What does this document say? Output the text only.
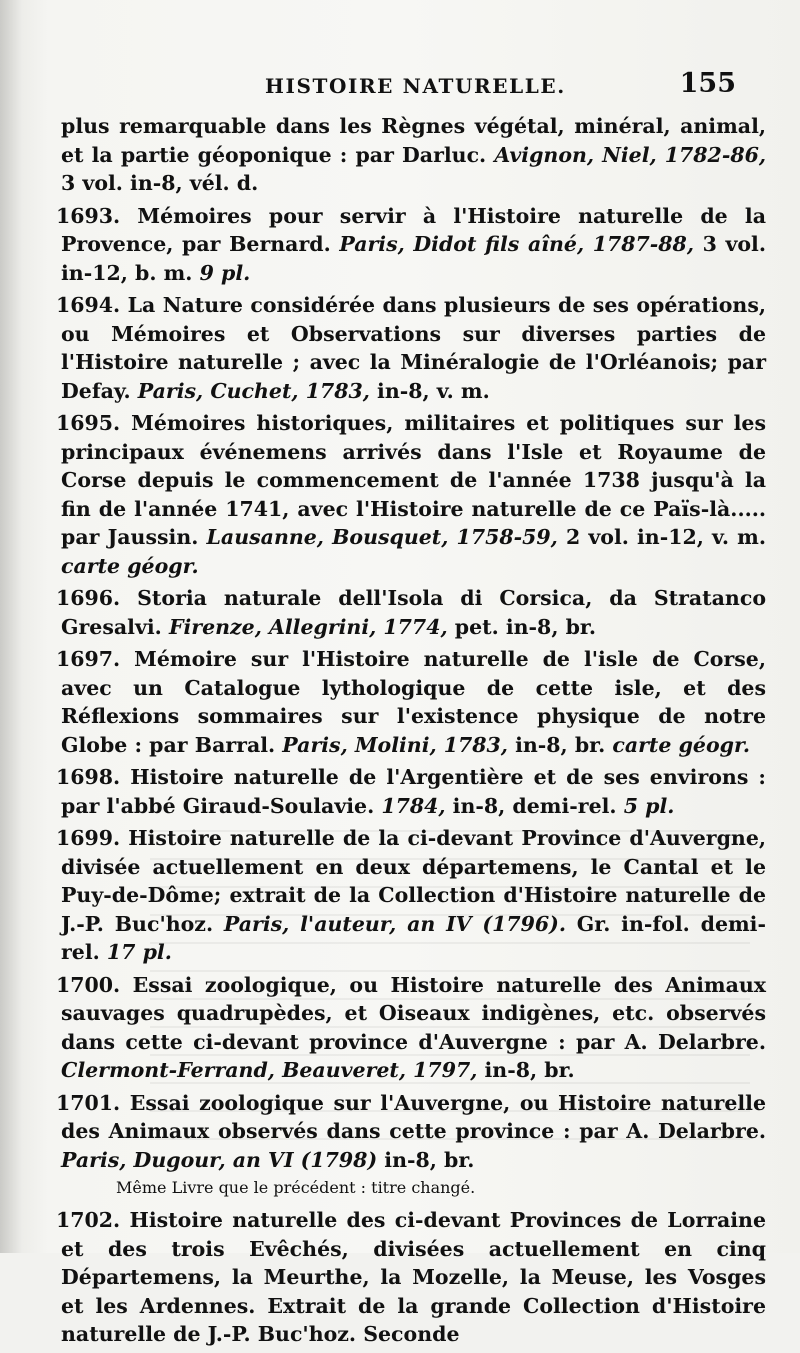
HISTOIRE NATURELLE.	155

plus remarquable dans les Règnes végétal, minéral, animal, et la partie géoponique : par Darluc. Avignon, Niel, 1782-86, 3 vol. in-8, vél. d.

1693. Mémoires pour servir à l'Histoire naturelle de la Provence, par Bernard. Paris, Didot fils aîné, 1787-88, 3 vol. in-12, b. m. 9 pl.

1694. La Nature considérée dans plusieurs de ses opérations, ou Mémoires et Observations sur diverses parties de l'Histoire naturelle ; avec la Minéralogie de l'Orléanois; par Defay. Paris, Cuchet, 1783, in-8, v. m.

1695. Mémoires historiques, militaires et politiques sur les principaux événemens arrivés dans l'Isle et Royaume de Corse depuis le commencement de l'année 1738 jusqu'à la fin de l'année 1741, avec l'Histoire naturelle de ce Païs-là..... par Jaussin. Lausanne, Bousquet, 1758-59, 2 vol. in-12, v. m. carte géogr.

1696. Storia naturale dell'Isola di Corsica, da Stratanco Gresalvi. Firenze, Allegrini, 1774, pet. in-8, br.

1697. Mémoire sur l'Histoire naturelle de l'isle de Corse, avec un Catalogue lythologique de cette isle, et des Réflexions sommaires sur l'existence physique de notre Globe : par Barral. Paris, Molini, 1783, in-8, br. carte géogr.

1698. Histoire naturelle de l'Argentière et de ses environs : par l'abbé Giraud-Soulavie. 1784, in-8, demi-rel. 5 pl.

1699. Histoire naturelle de la ci-devant Province d'Auvergne, divisée actuellement en deux départemens, le Cantal et le Puy-de-Dôme; extrait de la Collection d'Histoire naturelle de J.-P. Buc'hoz. Paris, l'auteur, an IV (1796). Gr. in-fol. demi-rel. 17 pl.

1700. Essai zoologique, ou Histoire naturelle des Animaux sauvages quadrupèdes, et Oiseaux indigènes, etc. observés dans cette ci-devant province d'Auvergne : par A. Delarbre. Clermont-Ferrand, Beauveret, 1797, in-8, br.

1701. Essai zoologique sur l'Auvergne, ou Histoire naturelle des Animaux observés dans cette province : par A. Delarbre. Paris, Dugour, an VI (1798) in-8, br.

Même Livre que le précédent : titre changé.

1702. Histoire naturelle des ci-devant Provinces de Lorraine et des trois Evêchés, divisées actuellement en cinq Départemens, la Meurthe, la Mozelle, la Meuse, les Vosges et les Ardennes. Extrait de la grande Collection d'Histoire naturelle de J.-P. Buc'hoz. Seconde
